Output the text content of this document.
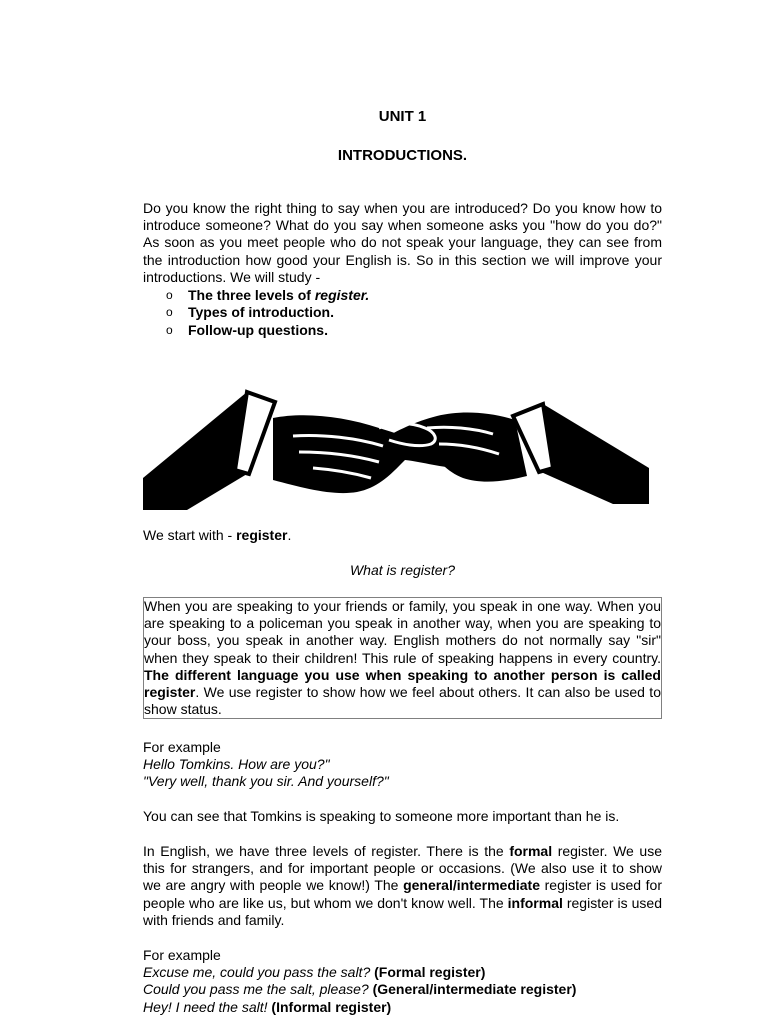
UNIT 1
INTRODUCTIONS.
Do you know the right thing to say when you are introduced? Do you know how to introduce someone? What do you say when someone asks you "how do you do?" As soon as you meet people who do not speak your language, they can see from the introduction how good your English is. So in this section we will improve your introductions. We will study -
o The three levels of register.
o Types of introduction.
o Follow-up questions.
We start with - register.
What is register?

When you are speaking to your friends or family, you speak in one way. When you are speaking to a policeman you speak in another way, when you are speaking to your boss, you speak in another way. English mothers do not normally say "sir" when they speak to their children! This rule of speaking happens in every country. The different language you use when speaking to another person is called register. We use register to show how we feel about others. It can also be used to show status.

For example
Hello Tomkins. How are you?"
"Very well, thank you sir. And yourself?"
You can see that Tomkins is speaking to someone more important than he is.
In English, we have three levels of register. There is the formal register. We use this for strangers, and for important people or occasions. (We also use it to show we are angry with people we know!) The general/intermediate register is used for people who are like us, but whom we don't know well. The informal register is used with friends and family.
For example
Excuse me, could you pass the salt? (Formal register)
Could you pass me the salt, please? (General/intermediate register)
Hey! I need the salt! (Informal register)
